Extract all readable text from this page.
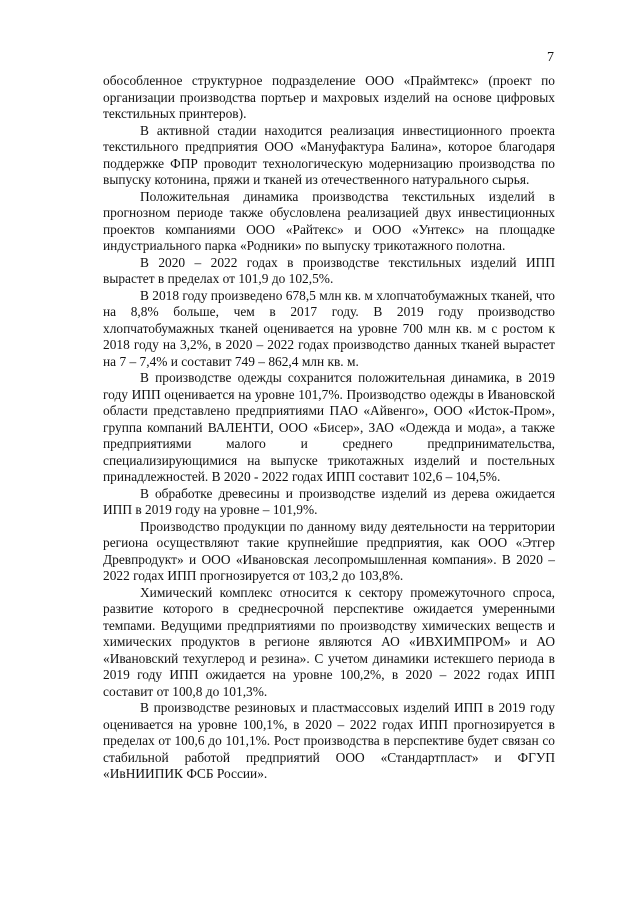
7

обособленное структурное подразделение ООО «Праймтекс» (проект по организации производства портьер и махровых изделий на основе цифровых текстильных принтеров).

В активной стадии находится реализация инвестиционного проекта текстильного предприятия ООО «Мануфактура Балина», которое благодаря поддержке ФПР проводит технологическую модернизацию производства по выпуску котонина, пряжи и тканей из отечественного натурального сырья.

Положительная динамика производства текстильных изделий в прогнозном периоде также обусловлена реализацией двух инвестиционных проектов компаниями ООО «Райтекс» и ООО «Унтекс» на площадке индустриального парка «Родники» по выпуску трикотажного полотна.

В 2020 – 2022 годах в производстве текстильных изделий ИПП вырастет в пределах от 101,9 до 102,5%.

В 2018 году произведено 678,5 млн кв. м хлопчатобумажных тканей, что на 8,8% больше, чем в 2017 году. В 2019 году производство хлопчатобумажных тканей оценивается на уровне 700 млн кв. м с ростом к 2018 году на 3,2%, в 2020 – 2022 годах производство данных тканей вырастет на 7 – 7,4% и составит 749 – 862,4 млн кв. м.

В производстве одежды сохранится положительная динамика, в 2019 году ИПП оценивается на уровне 101,7%. Производство одежды в Ивановской области представлено предприятиями ПАО «Айвенго», ООО «Исток-Пром», группа компаний ВАЛЕНТИ, ООО «Бисер», ЗАО «Одежда и мода», а также предприятиями малого и среднего предпринимательства, специализирующимися на выпуске трикотажных изделий и постельных принадлежностей. В 2020 - 2022 годах ИПП составит 102,6 – 104,5%.

В обработке древесины и производстве изделий из дерева ожидается ИПП в 2019 году на уровне – 101,9%.

Производство продукции по данному виду деятельности на территории региона осуществляют такие крупнейшие предприятия, как ООО «Этгер Древпродукт» и ООО «Ивановская лесопромышленная компания». В 2020 – 2022 годах ИПП прогнозируется от 103,2 до 103,8%.

Химический комплекс относится к сектору промежуточного спроса, развитие которого в среднесрочной перспективе ожидается умеренными темпами. Ведущими предприятиями по производству химических веществ и химических продуктов в регионе являются АО «ИВХИМПРОМ» и АО «Ивановский техуглерод и резина». С учетом динамики истекшего периода в 2019 году ИПП ожидается на уровне 100,2%, в 2020 – 2022 годах ИПП составит от 100,8 до 101,3%.

В производстве резиновых и пластмассовых изделий ИПП в 2019 году оценивается на уровне 100,1%, в 2020 – 2022 годах ИПП прогнозируется в пределах от 100,6 до 101,1%. Рост производства в перспективе будет связан со стабильной работой предприятий ООО «Стандартпласт» и ФГУП «ИвНИИПИК ФСБ России».
